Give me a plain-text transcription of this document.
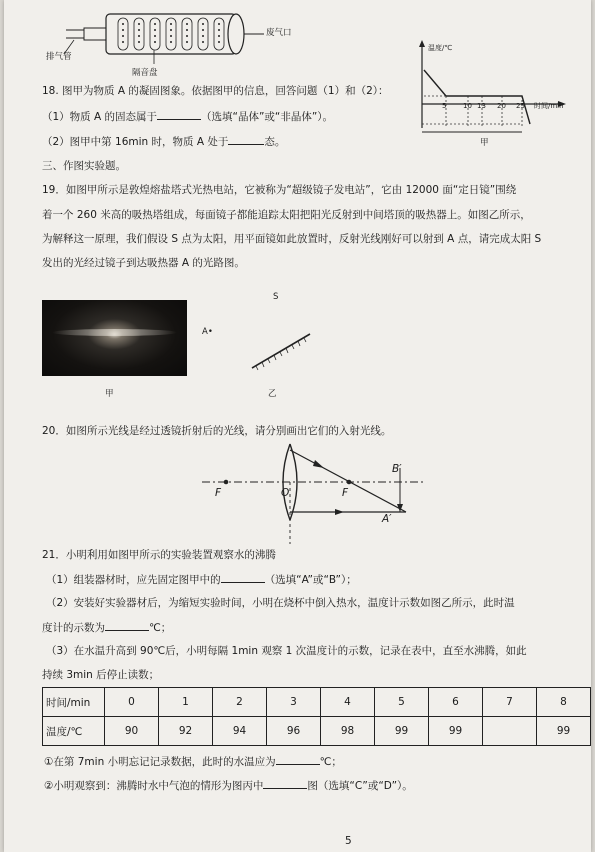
排气管
废气口
隔音盘
温度/℃
时间/min
5 10 13 20 25
甲
18. 图甲为物质 A 的凝固图象。依据图甲的信息，回答问题（1）和（2）：
（1）物质 A 的固态属于	（选填“晶体”或“非晶体”）。
（2）图甲中第 16min 时，物质 A 处于	态。
三、作图实验题。
19．如图甲所示是敦煌熔盐塔式光热电站，它被称为“超级镜子发电站”，它由 12000 面“定日镜”围绕
着一个 260 米高的吸热塔组成，每面镜子都能追踪太阳把阳光反射到中间塔顶的吸热器上。如图乙所示，
为解释这一原理，我们假设 S 点为太阳，用平面镜如此放置时，反射光线刚好可以射到 A 点，请完成太阳 S
发出的光经过镜子到达吸热器 A 的光路图。
甲
S
A•
乙
20．如图所示光线是经过透镜折射后的光线，请分别画出它们的入射光线。
F	O	F
B′
A′
21．小明利用如图甲所示的实验装置观察水的沸腾
（1）组装器材时，应先固定图甲中的	（选填“A”或“B”）；
（2）安装好实验器材后，为缩短实验时间，小明在烧杯中倒入热水，温度计示数如图乙所示，此时温
度计的示数为	℃；
（3）在水温升高到 90℃后，小明每隔 1min 观察 1 次温度计的示数，记录在表中，直至水沸腾，如此
持续 3min 后停止读数；
时间/min	0	1	2	3	4	5	6	7	8
温度/℃	90	92	94	96	98	99	99		99
①在第 7min 小明忘记记录数据，此时的水温应为	℃；
②小明观察到：沸腾时水中气泡的情形为图丙中	图（选填“C”或“D”）。
5
